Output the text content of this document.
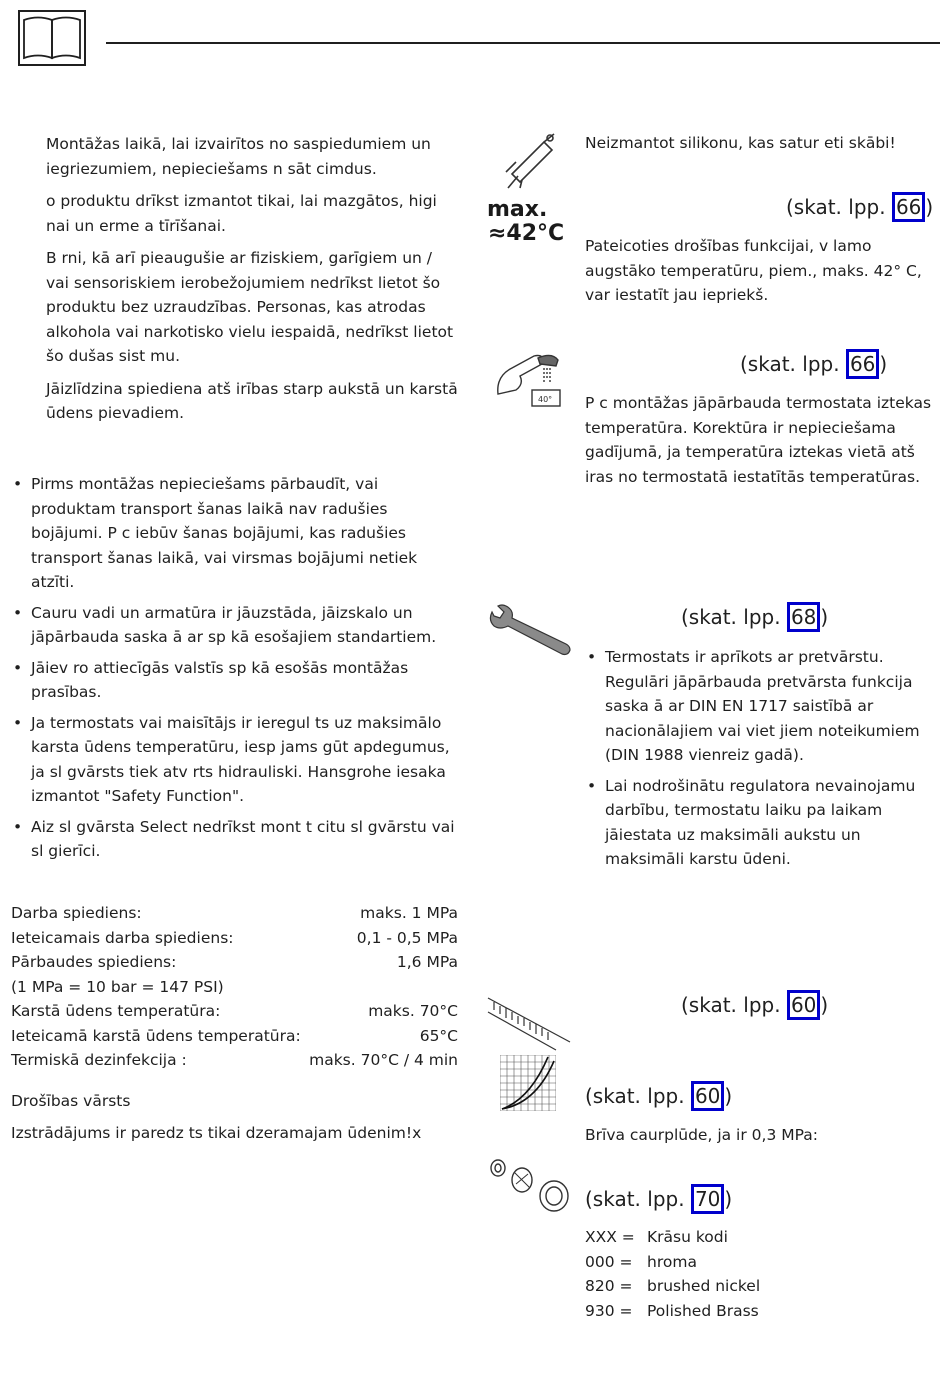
Montāžas laikā, lai izvairītos no saspiedumiem un iegriezumiem, nepieciešams n sāt cimdus.

o produktu drīkst izmantot tikai, lai mazgātos, higi nai un erme a tīrīšanai.

B rni, kā arī pieaugušie ar fiziskiem, garīgiem un / vai sensoriskiem ierobežojumiem nedrīkst lietot šo produktu bez uzraudzības. Personas, kas atrodas alkohola vai narkotisko vielu iespaidā, nedrīkst lietot šo dušas sist mu.

Jāizlīdzina spiediena atš irības starp aukstā un karstā ūdens pievadiem.

• Pirms montāžas nepieciešams pārbaudīt, vai produktam transport šanas laikā nav radušies bojājumi. P c iebūv šanas bojājumi, kas radušies transport šanas laikā, vai virsmas bojājumi netiek atzīti.
• Cauru vadi un armatūra ir jāuzstāda, jāizskalo un jāpārbauda saska ā ar sp kā esošajiem standartiem.
• Jāiev ro attiecīgās valstīs sp kā esošās montāžas prasības.
• Ja termostats vai maisītājs ir ieregul ts uz maksimālo karsta ūdens temperatūru, iesp jams gūt apdegumus, ja sl gvārsts tiek atv rts hidrauliski. Hansgrohe iesaka izmantot "Safety Function".
• Aiz sl gvārsta Select nedrīkst mont t citu sl gvārstu vai sl gierīci.
Darba spiediens:	maks. 1 MPa
Ieteicamais darba spiediens:	0,1 - 0,5 MPa
Pārbaudes spiediens:	1,6 MPa
(1 MPa = 10 bar = 147 PSI)
Karstā ūdens temperatūra:	maks. 70°C
Ieteicamā karstā ūdens temperatūra:	65°C
Termiskā dezinfekcija :	maks. 70°C / 4 min
Drošības vārsts
Izstrādājums ir paredz ts tikai dzeramajam ūdenim!x
max.
≈42°C
40°
Neizmantot silikonu, kas satur eti skābi!
(skat. lpp. 66 )
Pateicoties drošības funkcijai, v lamo augstāko temperatūru, piem., maks. 42° C, var iestatīt jau iepriekš.
(skat. lpp. 66 )
P c montāžas jāpārbauda termostata iztekas temperatūra. Korektūra ir nepieciešama gadījumā, ja temperatūra iztekas vietā atš iras no termostatā iestatītās temperatūras.
(skat. lpp. 68 )
• Termostats ir aprīkots ar pretvārstu. Regulāri jāpārbauda pretvārsta funkcija saska ā ar DIN EN 1717 saistībā ar nacionālajiem vai viet jiem noteikumiem (DIN 1988 vienreiz gadā).
• Lai nodrošinātu regulatora nevainojamu darbību, termostatu laiku pa laikam jāiestata uz maksimāli aukstu un maksimāli karstu ūdeni.
(skat. lpp. 60 )
(skat. lpp. 60 )
Brīva caurplūde, ja ir 0,3 MPa:
(skat. lpp. 70 )
XXX = Krāsu kodi
000 = hroma
820 = brushed nickel
930 = Polished Brass
